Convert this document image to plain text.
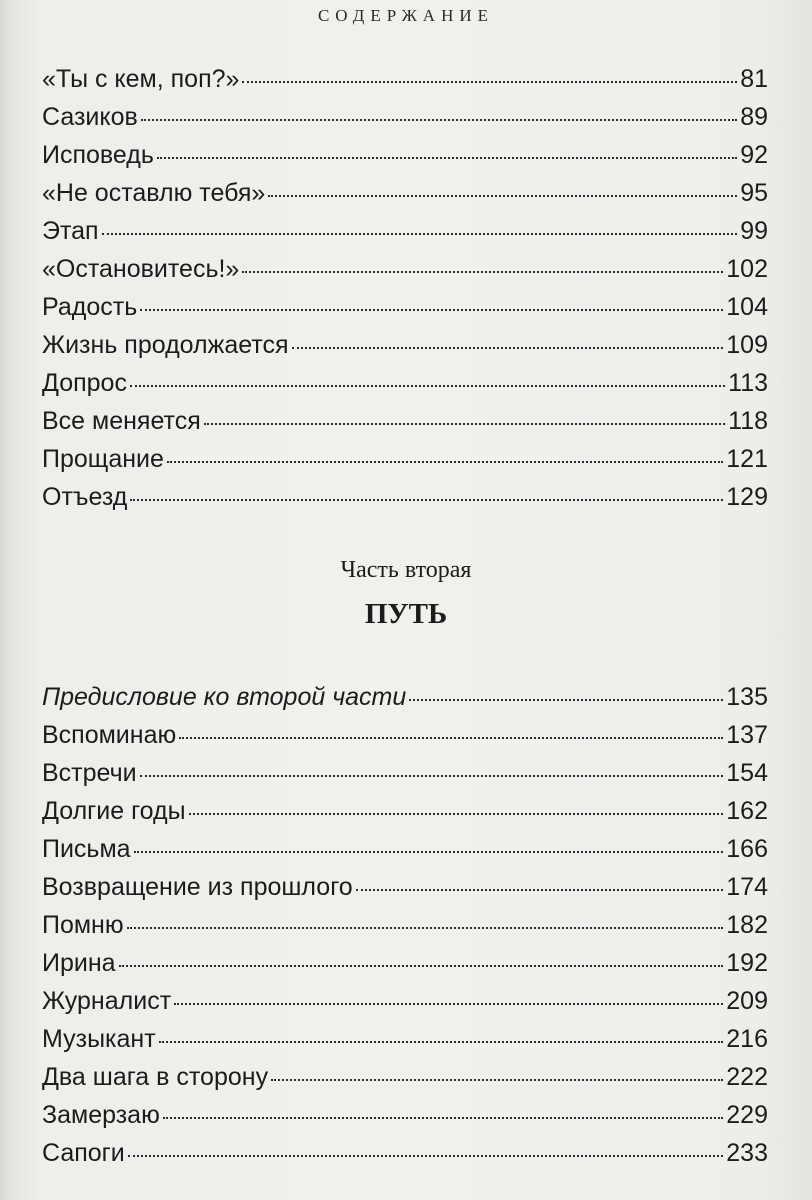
СОДЕРЖАНИЕ
«Ты с кем, поп?»	81
Сазиков	89
Исповедь	92
«Не оставлю тебя»	95
Этап	99
«Остановитесь!»	102
Радость	104
Жизнь продолжается	109
Допрос	113
Все меняется	118
Прощание	121
Отъезд	129
Часть вторая
ПУТЬ
Предисловие ко второй части	135
Вспоминаю	137
Встречи	154
Долгие годы	162
Письма	166
Возвращение из прошлого	174
Помню	182
Ирина	192
Журналист	209
Музыкант	216
Два шага в сторону	222
Замерзаю	229
Сапоги	233
